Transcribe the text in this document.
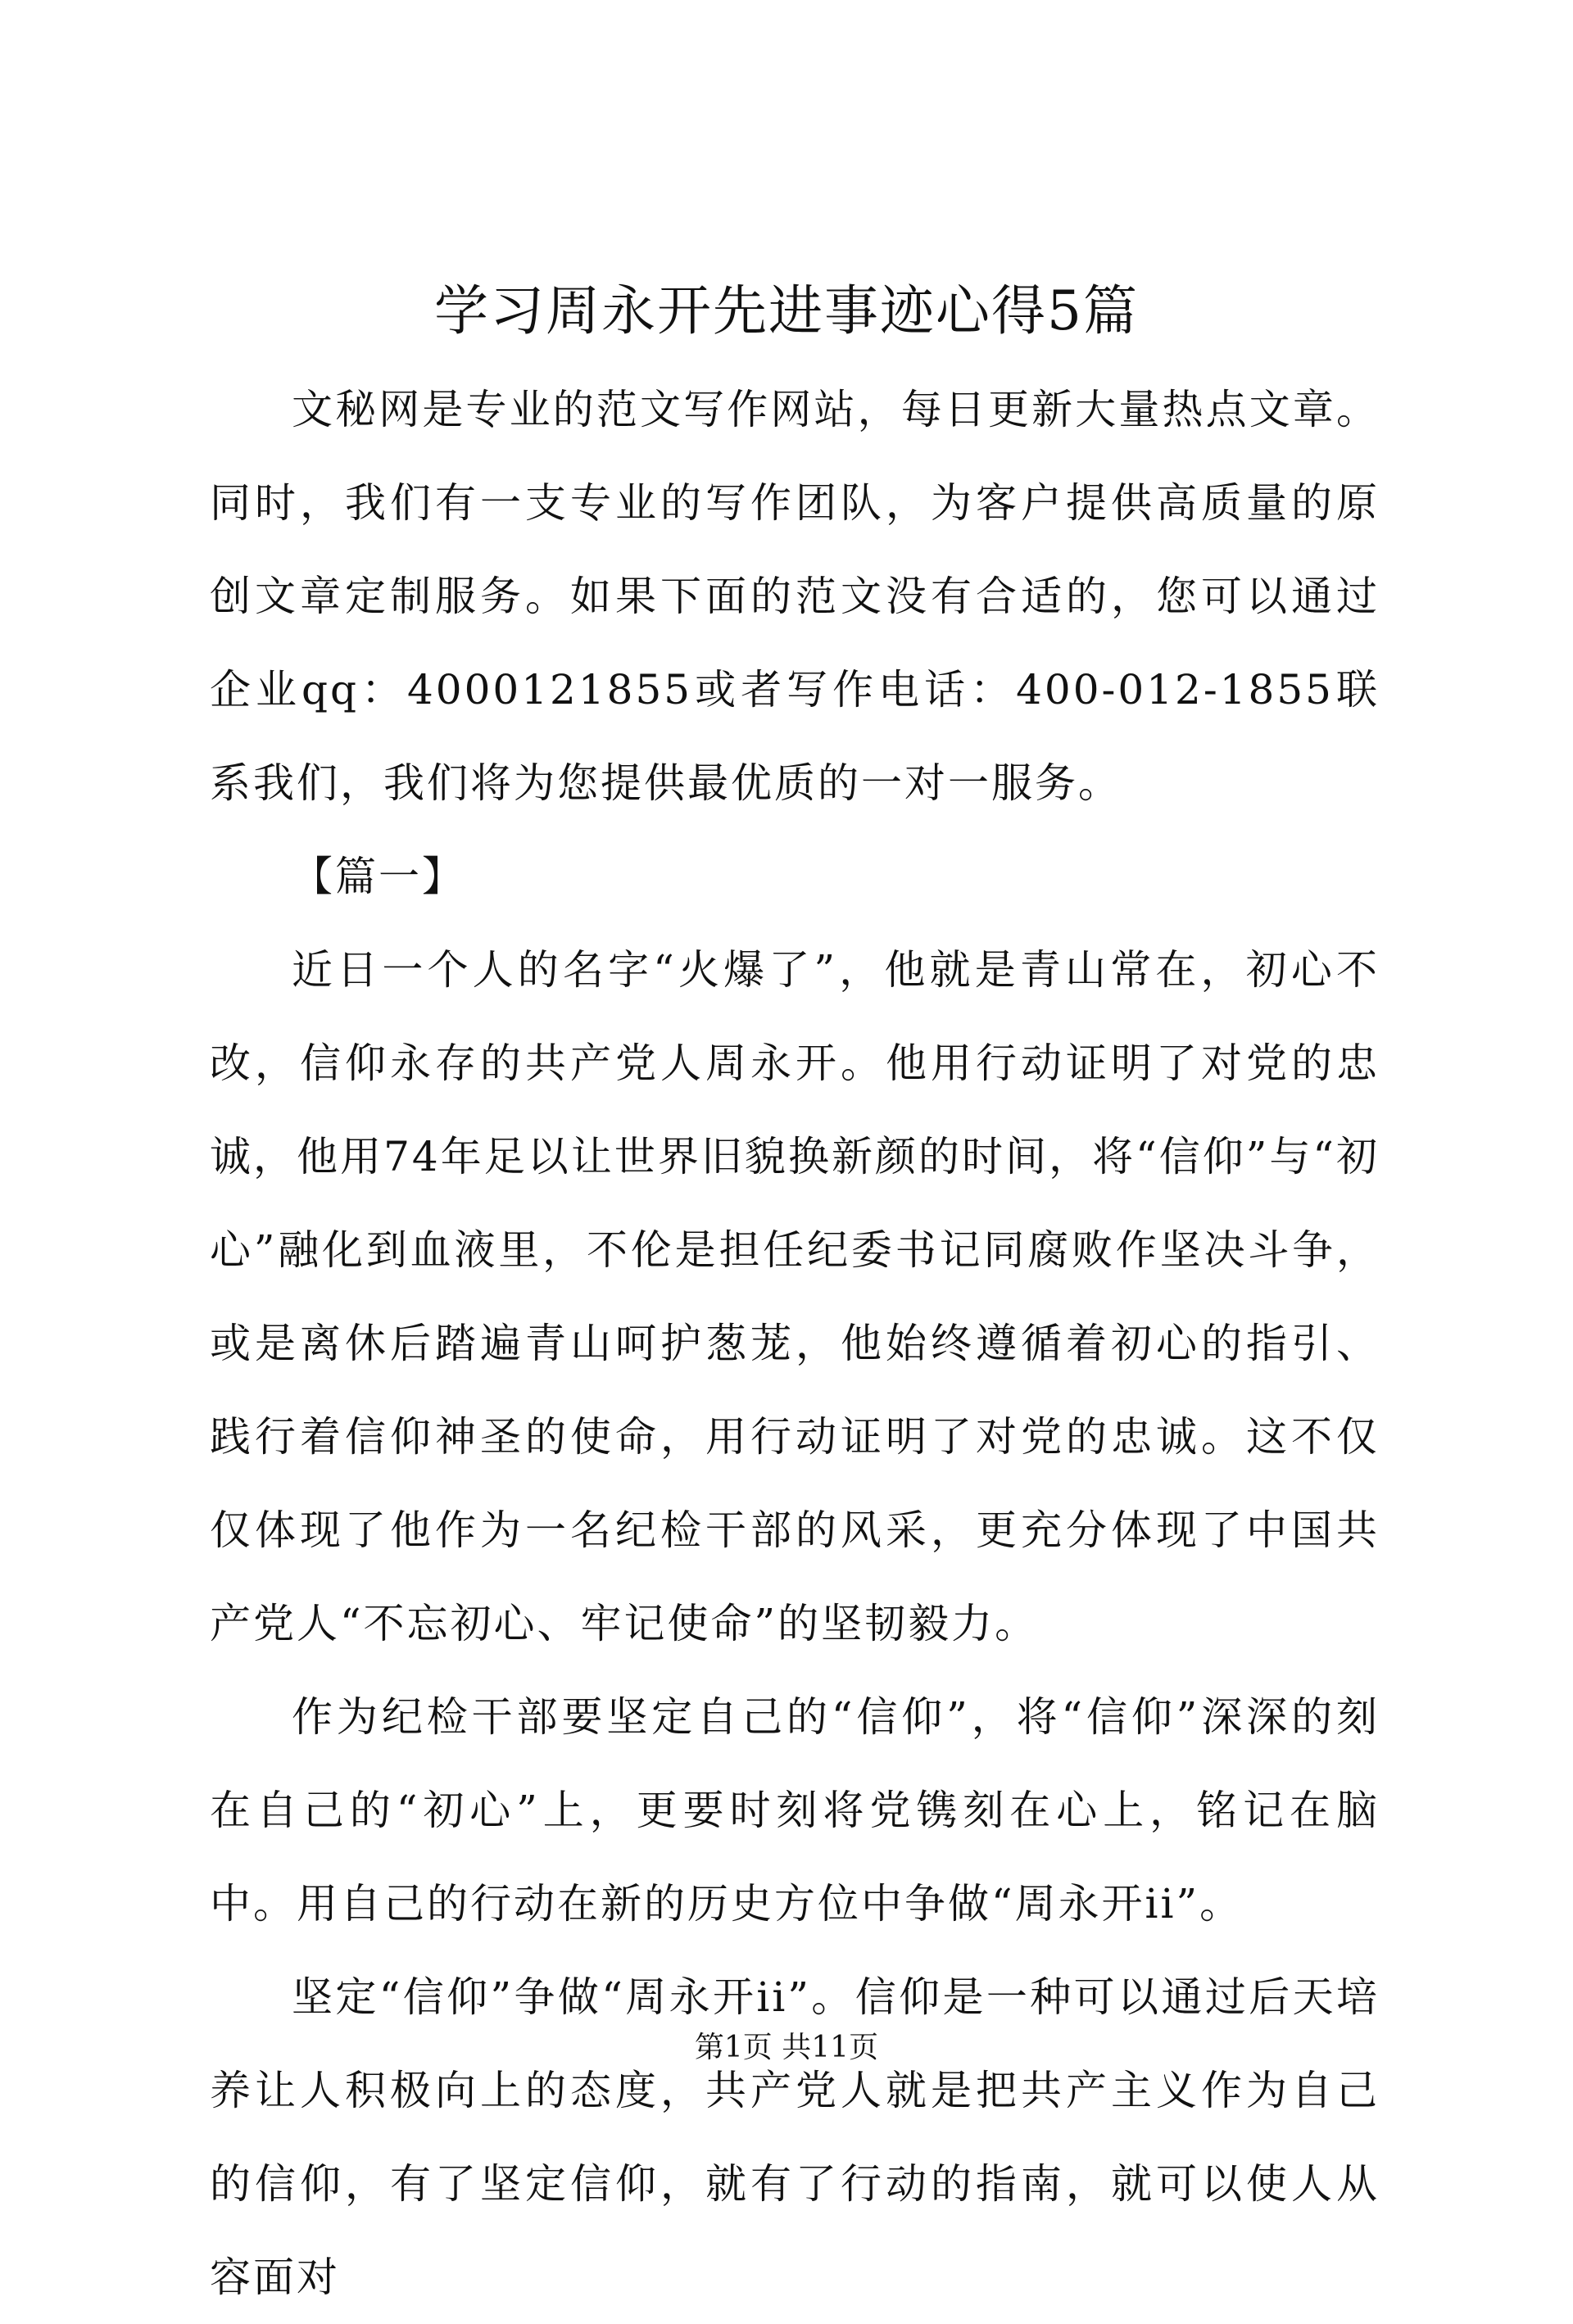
学习周永开先进事迹心得5篇

文秘网是专业的范文写作网站，每日更新大量热点文章。同时，我们有一支专业的写作团队，为客户提供高质量的原创文章定制服务。如果下面的范文没有合适的，您可以通过企业qq：4000121855或者写作电话：400-012-1855联系我们，我们将为您提供最优质的一对一服务。

【篇一】

近日一个人的名字“火爆了”，他就是青山常在，初心不改，信仰永存的共产党人周永开。他用行动证明了对党的忠诚，他用74年足以让世界旧貌换新颜的时间，将“信仰”与“初心”融化到血液里，不伦是担任纪委书记同腐败作坚决斗争，或是离休后踏遍青山呵护葱茏，他始终遵循着初心的指引、践行着信仰神圣的使命，用行动证明了对党的忠诚。这不仅仅体现了他作为一名纪检干部的风采，更充分体现了中国共产党人“不忘初心、牢记使命”的坚韧毅力。

作为纪检干部要坚定自己的“信仰”，将“信仰”深深的刻在自己的“初心”上，更要时刻将党镌刻在心上，铭记在脑中。用自己的行动在新的历史方位中争做“周永开ii”。

坚定“信仰”争做“周永开ii”。信仰是一种可以通过后天培养让人积极向上的态度，共产党人就是把共产主义作为自己的信仰，有了坚定信仰，就有了行动的指南，就可以使人从容面对

第1页 共11页
